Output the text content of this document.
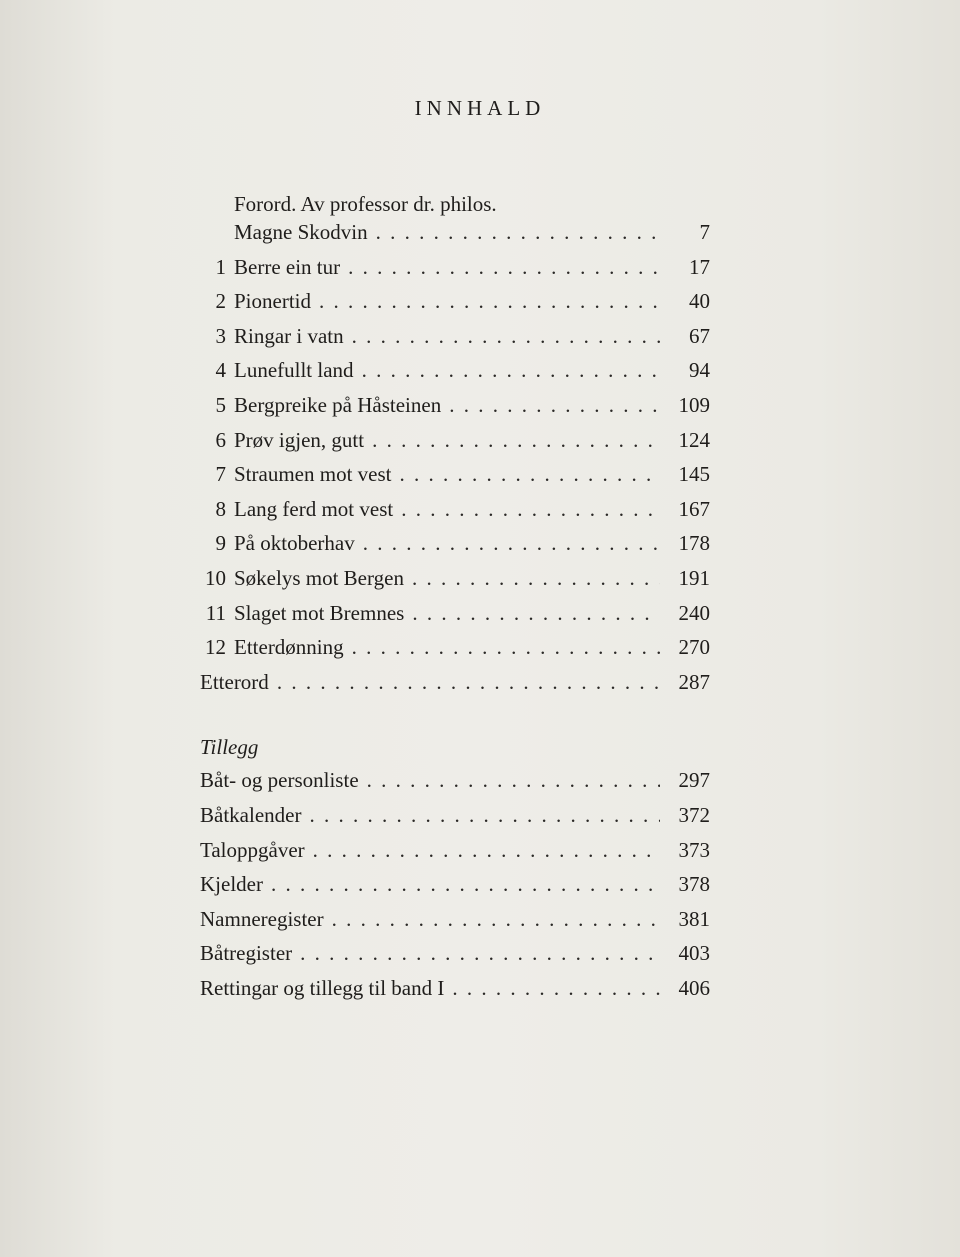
INNHALD
Forord. Av professor dr. philos.
Magne Skodvin . . .	7
1 Berre ein tur . . .	17
2 Pionertid . . .	40
3 Ringar i vatn . . .	67
4 Lunefullt land . . .	94
5 Bergpreike på Håsteinen . . .	109
6 Prøv igjen, gutt . . .	124
7 Straumen mot vest . . .	145
8 Lang ferd mot vest . . .	167
9 På oktoberhav . . .	178
10 Søkelys mot Bergen . . .	191
11 Slaget mot Bremnes . . .	240
12 Etterdønning . . .	270
Etterord . . .	287
Tillegg
Båt- og personliste . . .	297
Båtkalender . . .	372
Taloppgåver . . .	373
Kjelder . . .	378
Namneregister . . .	381
Båtregister . . .	403
Rettingar og tillegg til band I . . .	406
